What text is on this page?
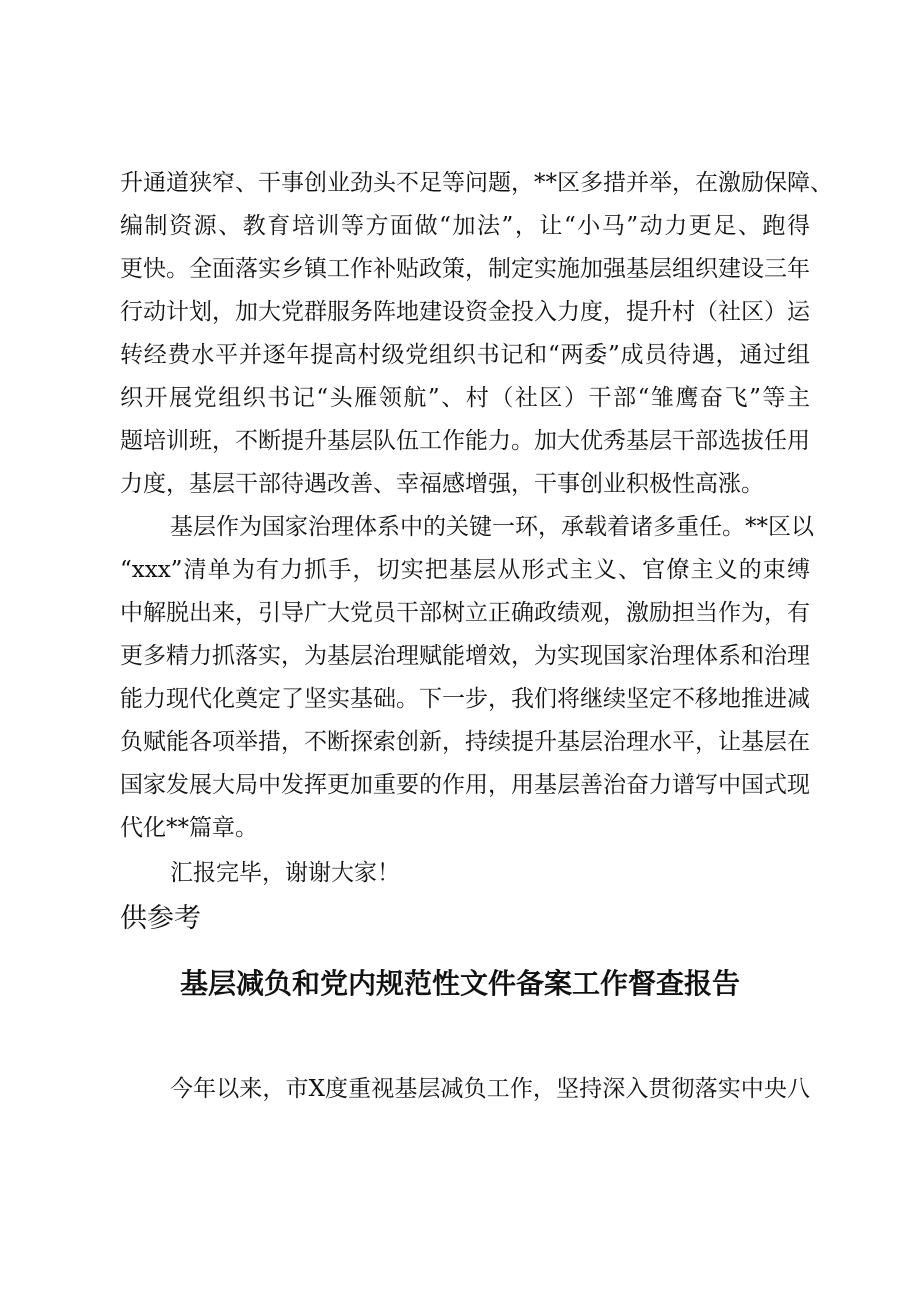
升通道狭窄、干事创业劲头不足等问题，**区多措并举，在激励保障、

编制资源、教育培训等方面做“加法”，让“小马”动力更足、跑得

更快。全面落实乡镇工作补贴政策，制定实施加强基层组织建设三年

行动计划，加大党群服务阵地建设资金投入力度，提升村（社区）运

转经费水平并逐年提高村级党组织书记和“两委”成员待遇，通过组

织开展党组织书记“头雁领航”、村（社区）干部“雏鹰奋飞”等主

题培训班，不断提升基层队伍工作能力。加大优秀基层干部选拔任用

力度，基层干部待遇改善、幸福感增强，干事创业积极性高涨。

基层作为国家治理体系中的关键一环，承载着诸多重任。**区以

“xxx”清单为有力抓手，切实把基层从形式主义、官僚主义的束缚

中解脱出来，引导广大党员干部树立正确政绩观，激励担当作为，有

更多精力抓落实，为基层治理赋能增效，为实现国家治理体系和治理

能力现代化奠定了坚实基础。下一步，我们将继续坚定不移地推进减

负赋能各项举措，不断探索创新，持续提升基层治理水平，让基层在

国家发展大局中发挥更加重要的作用，用基层善治奋力谱写中国式现

代化**篇章。

汇报完毕，谢谢大家！

供参考

基层减负和党内规范性文件备案工作督查报告

今年以来，市X度重视基层减负工作，坚持深入贯彻落实中央八
